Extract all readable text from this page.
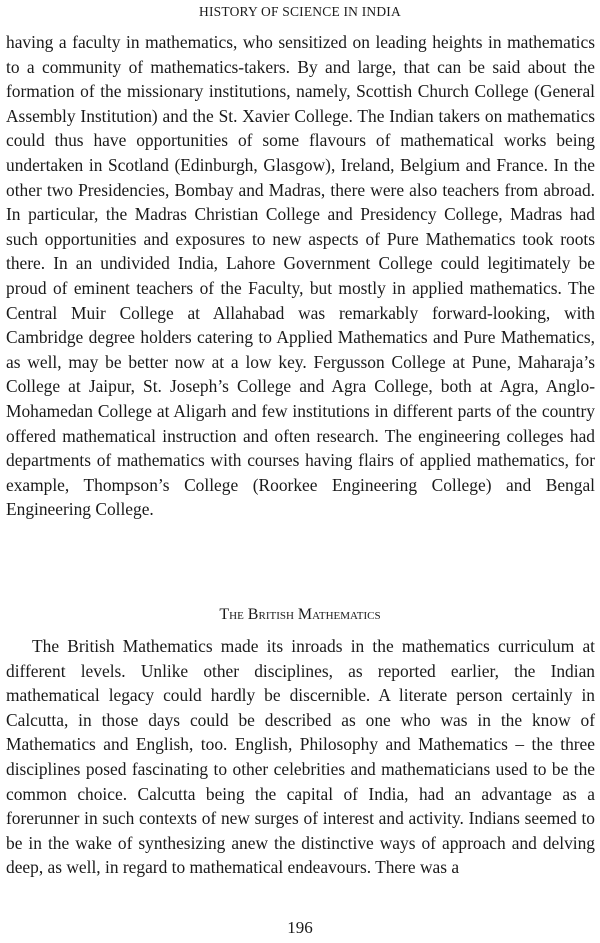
HISTORY OF SCIENCE IN INDIA

having a faculty in mathematics, who sensitized on leading heights in mathematics to a community of mathematics-takers. By and large, that can be said about the formation of the missionary institutions, namely, Scottish Church College (General Assembly Institution) and the St. Xavier College. The Indian takers on mathematics could thus have opportunities of some flavours of mathematical works being undertaken in Scotland (Edinburgh, Glasgow), Ireland, Belgium and France. In the other two Presidencies, Bombay and Madras, there were also teachers from abroad. In particular, the Madras Christian College and Presidency College, Madras had such opportunities and exposures to new aspects of Pure Mathematics took roots there. In an undivided India, Lahore Government College could legitimately be proud of eminent teachers of the Faculty, but mostly in applied mathematics. The Central Muir College at Allahabad was remarkably forward-looking, with Cambridge degree holders catering to Applied Mathematics and Pure Mathematics, as well, may be better now at a low key. Fergusson College at Pune, Maharaja’s College at Jaipur, St. Joseph’s College and Agra College, both at Agra, Anglo-Mohamedan College at Aligarh and few institutions in different parts of the country offered mathematical instruction and often research. The engineering colleges had departments of mathematics with courses having flairs of applied mathematics, for example, Thompson’s College (Roorkee Engineering College) and Bengal Engineering College.

The British Mathematics

The British Mathematics made its inroads in the mathematics curriculum at different levels. Unlike other disciplines, as reported earlier, the Indian mathematical legacy could hardly be discernible. A literate person certainly in Calcutta, in those days could be described as one who was in the know of Mathematics and English, too. English, Philosophy and Mathematics – the three disciplines posed fascinating to other celebrities and mathematicians used to be the common choice. Calcutta being the capital of India, had an advantage as a forerunner in such contexts of new surges of interest and activity. Indians seemed to be in the wake of synthesizing anew the distinctive ways of approach and delving deep, as well, in regard to mathematical endeavours. There was a

196
